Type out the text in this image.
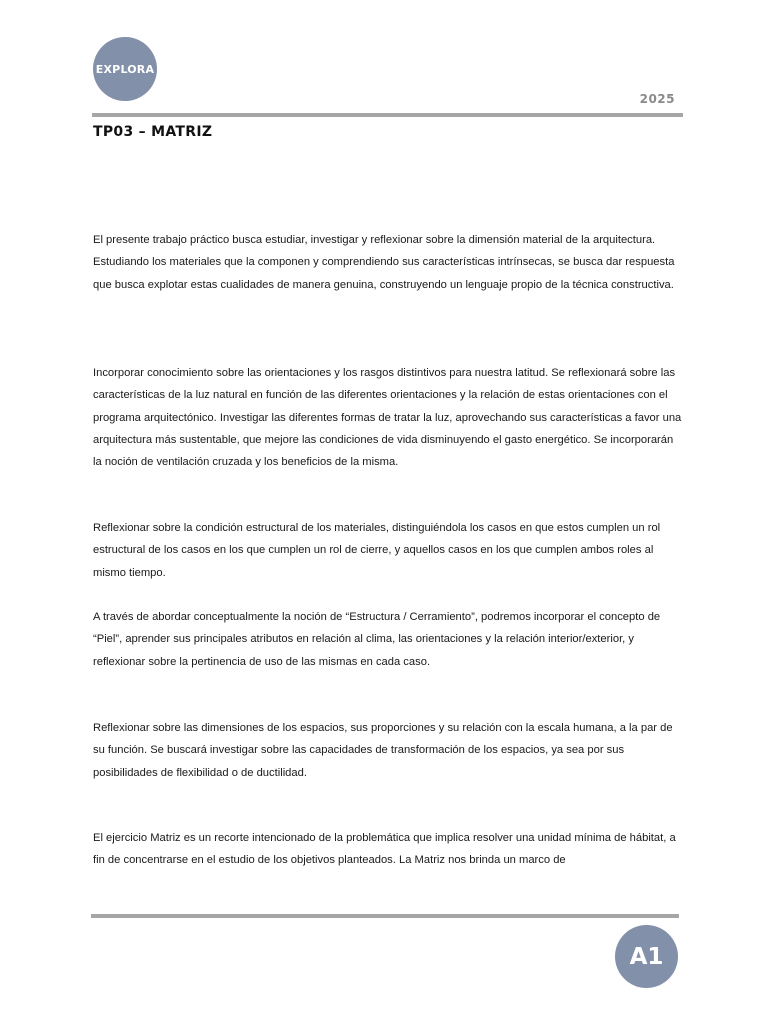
EXPLORA
2025
TP03 – MATRIZ

El presente trabajo práctico busca estudiar, investigar y reflexionar sobre la dimensión material de la arquitectura. Estudiando los materiales que la componen y comprendiendo sus características intrínsecas, se busca dar respuesta que busca explotar estas cualidades de manera genuina, construyendo un lenguaje propio de la técnica constructiva.

Incorporar conocimiento sobre las orientaciones y los rasgos distintivos para nuestra latitud. Se reflexionará sobre las características de la luz natural en función de las diferentes orientaciones y la relación de estas orientaciones con el programa arquitectónico. Investigar las diferentes formas de tratar la luz, aprovechando sus características a favor una arquitectura más sustentable, que mejore las condiciones de vida disminuyendo el gasto energético. Se incorporarán la noción de ventilación cruzada y los beneficios de la misma.

Reflexionar sobre la condición estructural de los materiales, distinguiéndola los casos en que estos cumplen un rol estructural de los casos en los que cumplen un rol de cierre, y aquellos casos en los que cumplen ambos roles al mismo tiempo.

A través de abordar conceptualmente la noción de “Estructura / Cerramiento”, podremos incorporar el concepto de “Piel”, aprender sus principales atributos en relación al clima, las orientaciones y la relación interior/exterior, y reflexionar sobre la pertinencia de uso de las mismas en cada caso.

Reflexionar sobre las dimensiones de los espacios, sus proporciones y su relación con la escala humana, a la par de su función. Se buscará investigar sobre las capacidades de transformación de los espacios, ya sea por sus posibilidades de flexibilidad o de ductilidad.

El ejercicio Matriz es un recorte intencionado de la problemática que implica resolver una unidad mínima de hábitat, a fin de concentrarse en el estudio de los objetivos planteados. La Matriz nos brinda un marco de

A1
